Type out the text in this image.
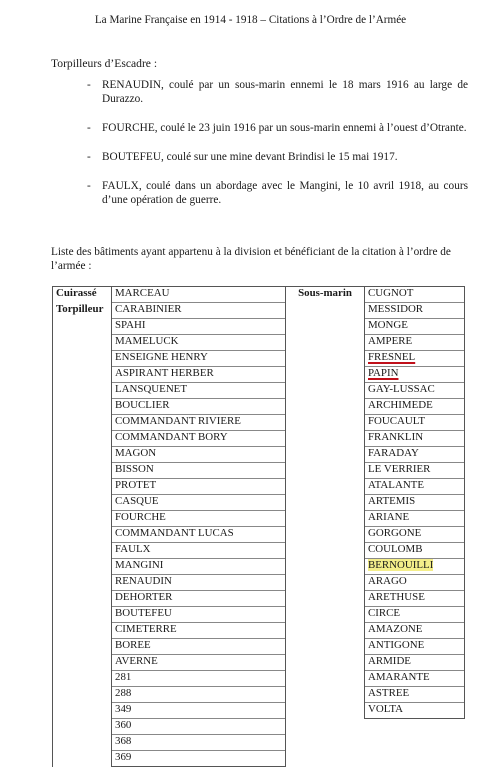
La Marine Française en 1914 - 1918 – Citations à l’Ordre de l’Armée
Torpilleurs d’Escadre :
- RENAUDIN, coulé par un sous-marin ennemi le 18 mars 1916 au large de Durazzo.
- FOURCHE, coulé le 23 juin 1916 par un sous-marin ennemi à l’ouest d’Otrante.
- BOUTEFEU, coulé sur une mine devant Brindisi le 15 mai 1917.
- FAULX, coulé dans un abordage avec le Mangini, le 10 avril 1918, au cours d’une opération de guerre.
Liste des bâtiments ayant appartenu à la division et bénéficiant de la citation à l’ordre de l’armée :
Cuirassé	MARCEAU	Sous-marin	CUGNOT
Torpilleur	CARABINIER		MESSIDOR
	SPAHI		MONGE
	MAMELUCK		AMPERE
	ENSEIGNE HENRY		FRESNEL
	ASPIRANT HERBER		PAPIN
	LANSQUENET		GAY-LUSSAC
	BOUCLIER		ARCHIMEDE
	COMMANDANT RIVIERE		FOUCAULT
	COMMANDANT BORY		FRANKLIN
	MAGON		FARADAY
	BISSON		LE VERRIER
	PROTET		ATALANTE
	CASQUE		ARTEMIS
	FOURCHE		ARIANE
	COMMANDANT LUCAS		GORGONE
	FAULX		COULOMB
	MANGINI		BERNOUILLI
	RENAUDIN		ARAGO
	DEHORTER		ARETHUSE
	BOUTEFEU		CIRCE
	CIMETERRE		AMAZONE
	BOREE		ANTIGONE
	AVERNE		ARMIDE
	281		AMARANTE
	288		ASTREE
	349		VOLTA
	360		
	368		
	369		
